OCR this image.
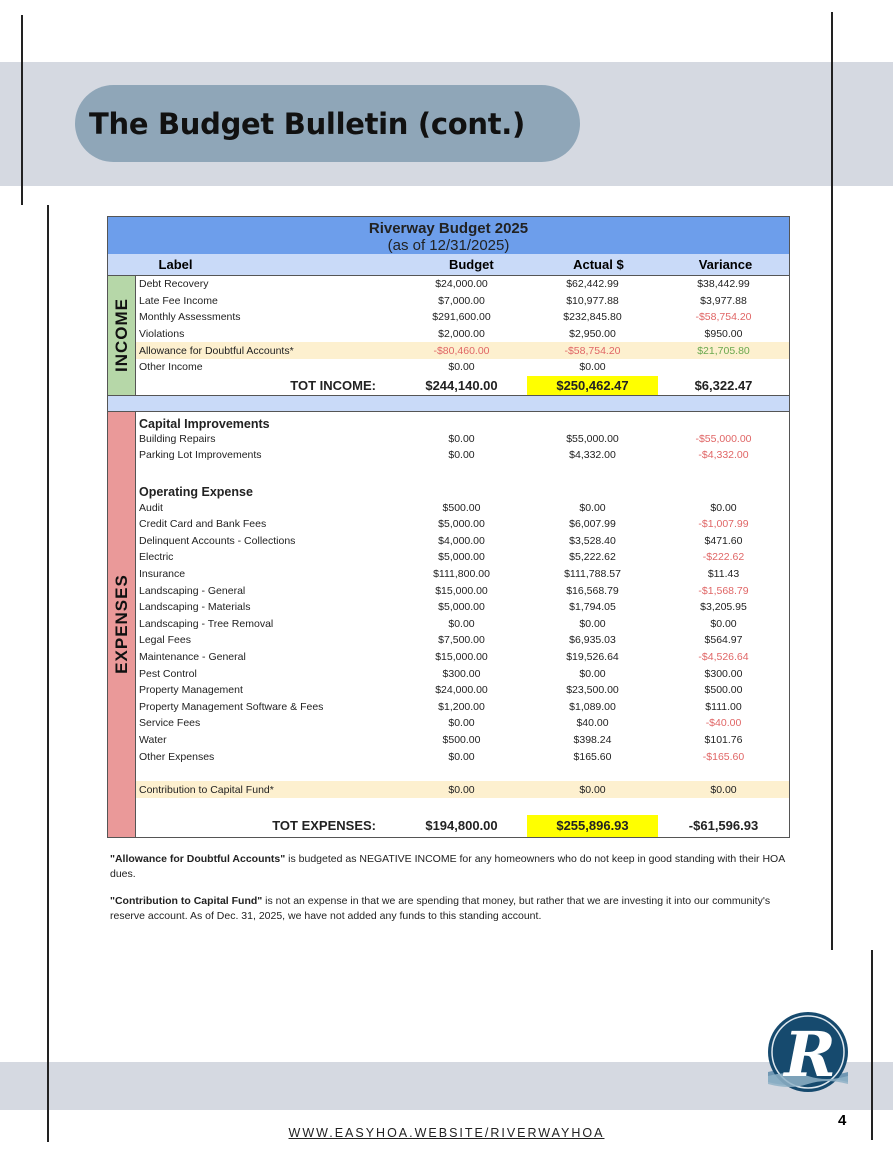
The Budget Bulletin (cont.)
Riverway Budget 2025
(as of 12/31/2025)
Label	Budget	Actual $	Variance
INCOME
Debt Recovery	$24,000.00	$62,442.99	$38,442.99
Late Fee Income	$7,000.00	$10,977.88	$3,977.88
Monthly Assessments	$291,600.00	$232,845.80	-$58,754.20
Violations	$2,000.00	$2,950.00	$950.00
Allowance for Doubtful Accounts*	-$80,460.00	-$58,754.20	$21,705.80
Other Income	$0.00	$0.00
TOT INCOME:	$244,140.00	$250,462.47	$6,322.47
EXPENSES
Capital Improvements
Building Repairs	$0.00	$55,000.00	-$55,000.00
Parking Lot Improvements	$0.00	$4,332.00	-$4,332.00
Operating Expense
Audit	$500.00	$0.00	$0.00
Credit Card and Bank Fees	$5,000.00	$6,007.99	-$1,007.99
Delinquent Accounts - Collections	$4,000.00	$3,528.40	$471.60
Electric	$5,000.00	$5,222.62	-$222.62
Insurance	$111,800.00	$111,788.57	$11.43
Landscaping - General	$15,000.00	$16,568.79	-$1,568.79
Landscaping - Materials	$5,000.00	$1,794.05	$3,205.95
Landscaping - Tree Removal	$0.00	$0.00	$0.00
Legal Fees	$7,500.00	$6,935.03	$564.97
Maintenance - General	$15,000.00	$19,526.64	-$4,526.64
Pest Control	$300.00	$0.00	$300.00
Property Management	$24,000.00	$23,500.00	$500.00
Property Management Software & Fees	$1,200.00	$1,089.00	$111.00
Service Fees	$0.00	$40.00	-$40.00
Water	$500.00	$398.24	$101.76
Other Expenses	$0.00	$165.60	-$165.60
Contribution to Capital Fund*	$0.00	$0.00	$0.00
TOT EXPENSES:	$194,800.00	$255,896.93	-$61,596.93

"Allowance for Doubtful Accounts" is budgeted as NEGATIVE INCOME for any homeowners who do not keep in good standing with their HOA dues.

"Contribution to Capital Fund" is not an expense in that we are spending that money, but rather that we are investing it into our community's reserve account. As of Dec. 31, 2025, we have not added any funds to this standing account.

R
4
WWW.EASYHOA.WEBSITE/RIVERWAYHOA
